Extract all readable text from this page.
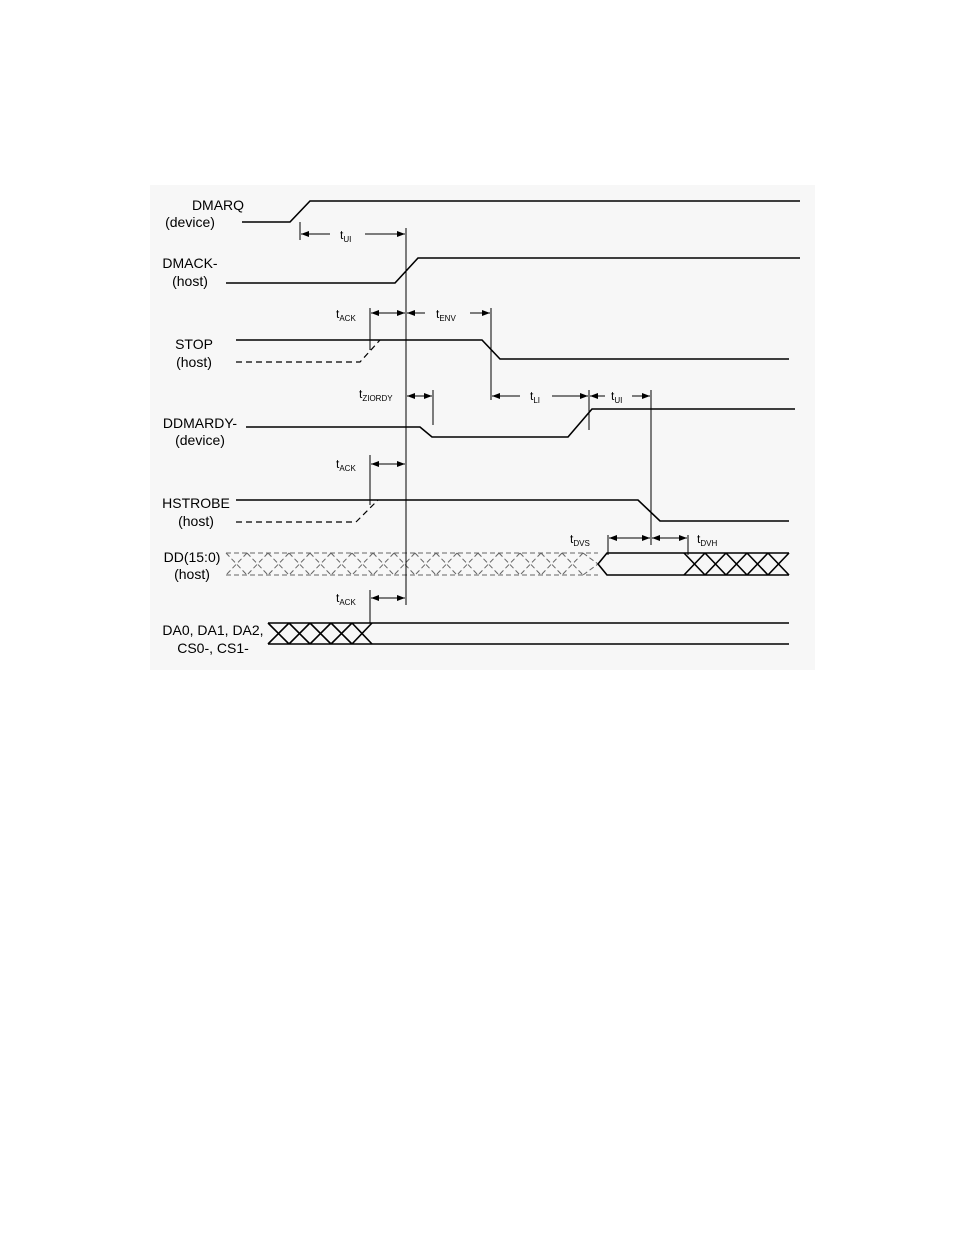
DMARQ
(device)
DMACK-
(host)
STOP
(host)
DDMARDY-
(device)
HSTROBE
(host)
DD(15:0)
(host)
DA0, DA1, DA2,
CS0-, CS1-
$t_{UI}$
$t_{ACK}$	$t_{ENV}$
$t_{ZIORDY}$	$t_{LI}$	$t_{UI}$
$t_{ACK}$
$t_{DVS}$	$t_{DVH}$
$t_{ACK}$
